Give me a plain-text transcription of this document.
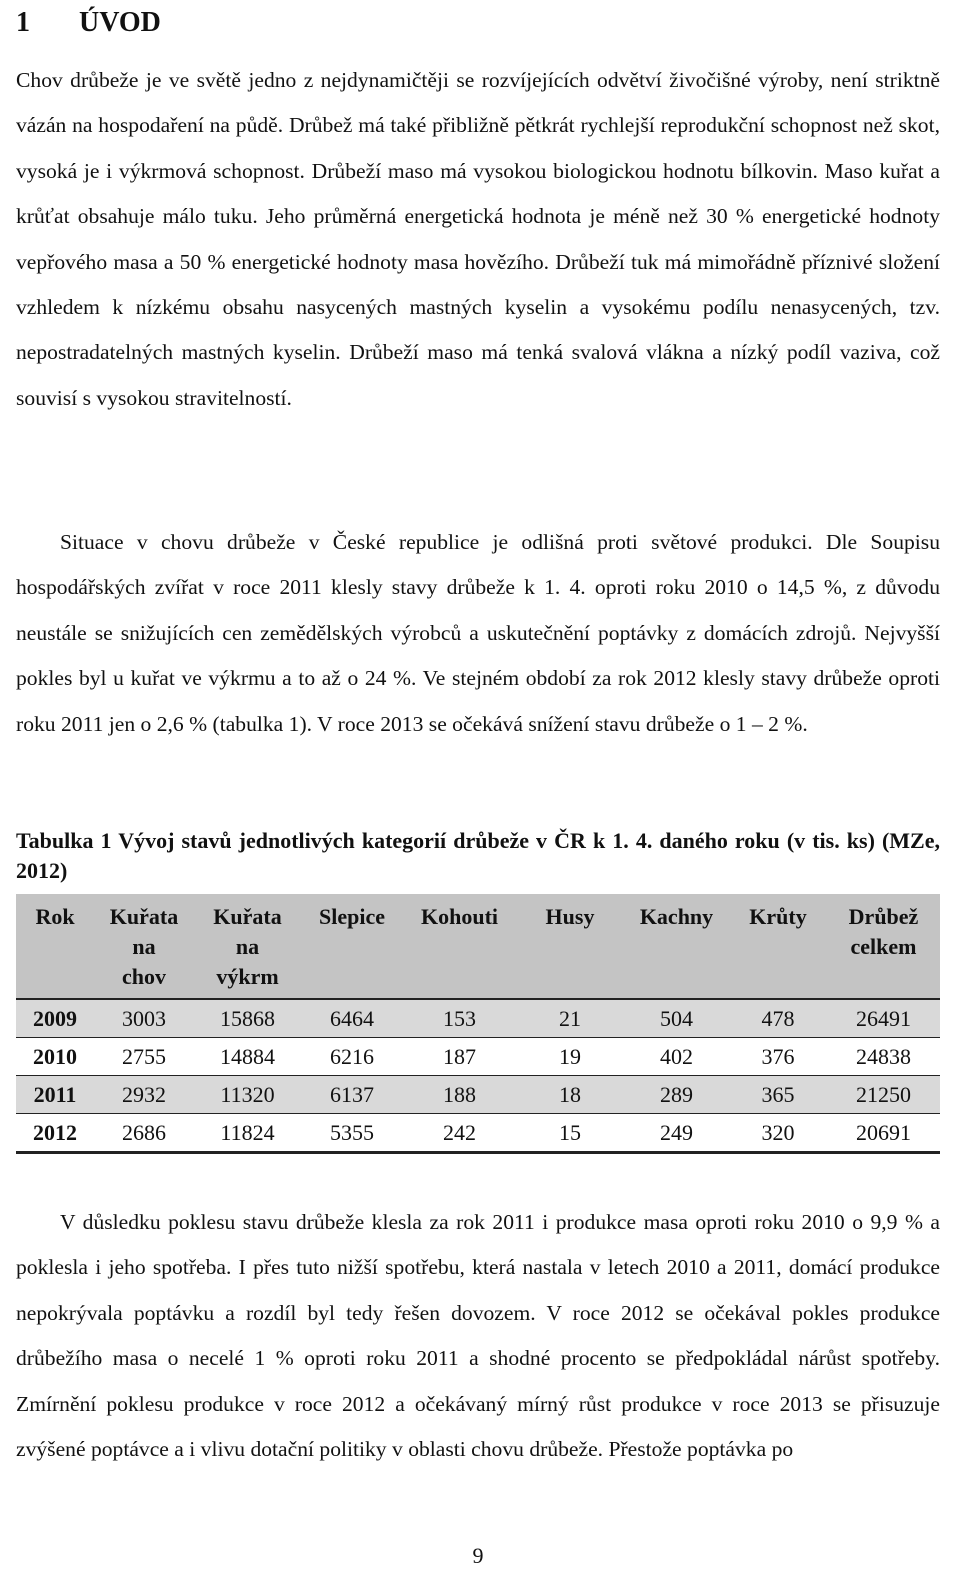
1 ÚVOD

Chov drůbeže je ve světě jedno z nejdynamičtěji se rozvíjejících odvětví živočišné výroby, není striktně vázán na hospodaření na půdě. Drůbež má také přibližně pětkrát rychlejší reprodukční schopnost než skot, vysoká je i výkrmová schopnost. Drůbeží maso má vysokou biologickou hodnotu bílkovin. Maso kuřat a krůťat obsahuje málo tuku. Jeho průměrná energetická hodnota je méně než 30 % energetické hodnoty vepřového masa a 50 % energetické hodnoty masa hovězího. Drůbeží tuk má mimořádně příznivé složení vzhledem k nízkému obsahu nasycených mastných kyselin a vysokému podílu nenasycených, tzv. nepostradatelných mastných kyselin. Drůbeží maso má tenká svalová vlákna a nízký podíl vaziva, což souvisí s vysokou stravitelností.

Situace v chovu drůbeže v České republice je odlišná proti světové produkci. Dle Soupisu hospodářských zvířat v roce 2011 klesly stavy drůbeže k 1. 4. oproti roku 2010 o 14,5 %, z důvodu neustále se snižujících cen zemědělských výrobců a uskutečnění poptávky z domácích zdrojů. Nejvyšší pokles byl u kuřat ve výkrmu a to až o 24 %. Ve stejném období za rok 2012 klesly stavy drůbeže oproti roku 2011 jen o 2,6 % (tabulka 1). V roce 2013 se očekává snížení stavu drůbeže o 1 – 2 %.

Tabulka 1 Vývoj stavů jednotlivých kategorií drůbeže v ČR k 1. 4. daného roku (v tis. ks) (MZe, 2012)

Rok	Kuřata
na
chov	Kuřata
na
výkrm	Slepice	Kohouti	Husy	Kachny	Krůty	Drůbež
celkem
2009	3003	15868	6464	153	21	504	478	26491
2010	2755	14884	6216	187	19	402	376	24838
2011	2932	11320	6137	188	18	289	365	21250
2012	2686	11824	5355	242	15	249	320	20691

V důsledku poklesu stavu drůbeže klesla za rok 2011 i produkce masa oproti roku 2010 o 9,9 % a poklesla i jeho spotřeba. I přes tuto nižší spotřebu, která nastala v letech 2010 a 2011, domácí produkce nepokrývala poptávku a rozdíl byl tedy řešen dovozem. V roce 2012 se očekával pokles produkce drůbežího masa o necelé 1 % oproti roku 2011 a shodné procento se předpokládal nárůst spotřeby. Zmírnění poklesu produkce v roce 2012 a očekávaný mírný růst produkce v roce 2013 se přisuzuje zvýšené poptávce a i vlivu dotační politiky v oblasti chovu drůbeže. Přestože poptávka po

9
